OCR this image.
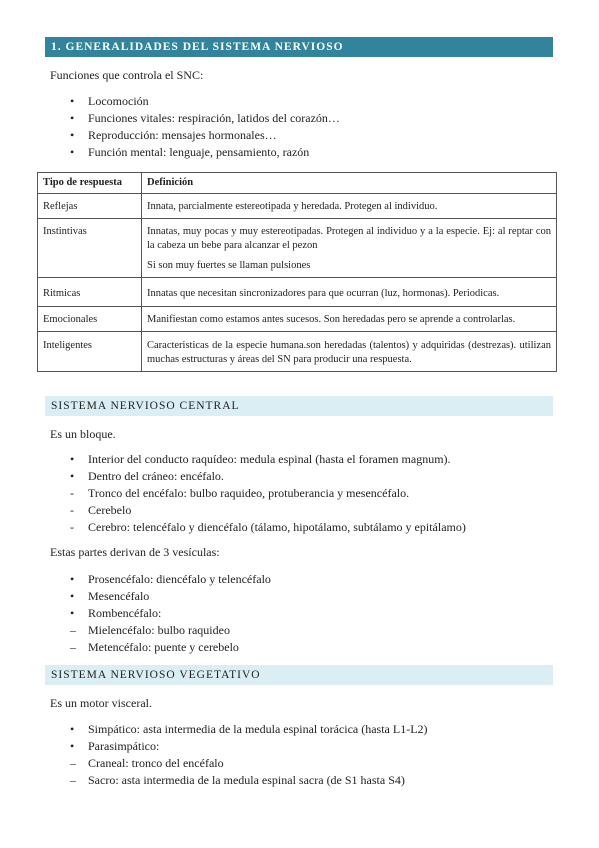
1. GENERALIDADES DEL SISTEMA NERVIOSO
Funciones que controla el SNC:
•	Locomoción
•	Funciones vitales: respiración, latidos del corazón…
•	Reproducción: mensajes hormonales…
•	Función mental: lenguaje, pensamiento, razón
Tipo de respuesta	Definición
Reflejas	Innata, parcialmente estereotipada y heredada. Protegen al individuo.
Instintivas	Innatas, muy pocas y muy estereotipadas. Protegen al individuo y a la especie. Ej: al reptar con la cabeza un bebe para alcanzar el pezon
Si son muy fuertes se llaman pulsiones

Ritmicas	Innatas que necesitan sincronizadores para que ocurran (luz, hormonas). Periodicas.
Emocionales	Manifiestan como estamos antes sucesos. Son heredadas pero se aprende a controlarlas.
Inteligentes	Caracteristicas de la especie humana.son heredadas (talentos) y adquiridas (destrezas). utilizan muchas estructuras y áreas del SN para producir una respuesta.
SISTEMA NERVIOSO CENTRAL
Es un bloque.
•	Interior del conducto raquídeo: medula espinal (hasta el foramen magnum).
•	Dentro del cráneo: encéfalo.
-	Tronco del encéfalo: bulbo raquideo, protuberancia y mesencéfalo.
-	Cerebelo
-	Cerebro: telencéfalo y diencéfalo (tálamo, hipotálamo, subtálamo y epitálamo)
Estas partes derivan de 3 vesículas:
•	Prosencéfalo: diencéfalo y telencéfalo
•	Mesencéfalo
•	Rombencéfalo:
–	Mielencéfalo: bulbo raquideo
–	Metencéfalo: puente y cerebelo
SISTEMA NERVIOSO VEGETATIVO
Es un motor visceral.
•	Simpático: asta intermedia de la medula espinal torácica (hasta L1-L2)
•	Parasimpático:
–	Craneal: tronco del encéfalo
–	Sacro: asta intermedia de la medula espinal sacra (de S1 hasta S4)
